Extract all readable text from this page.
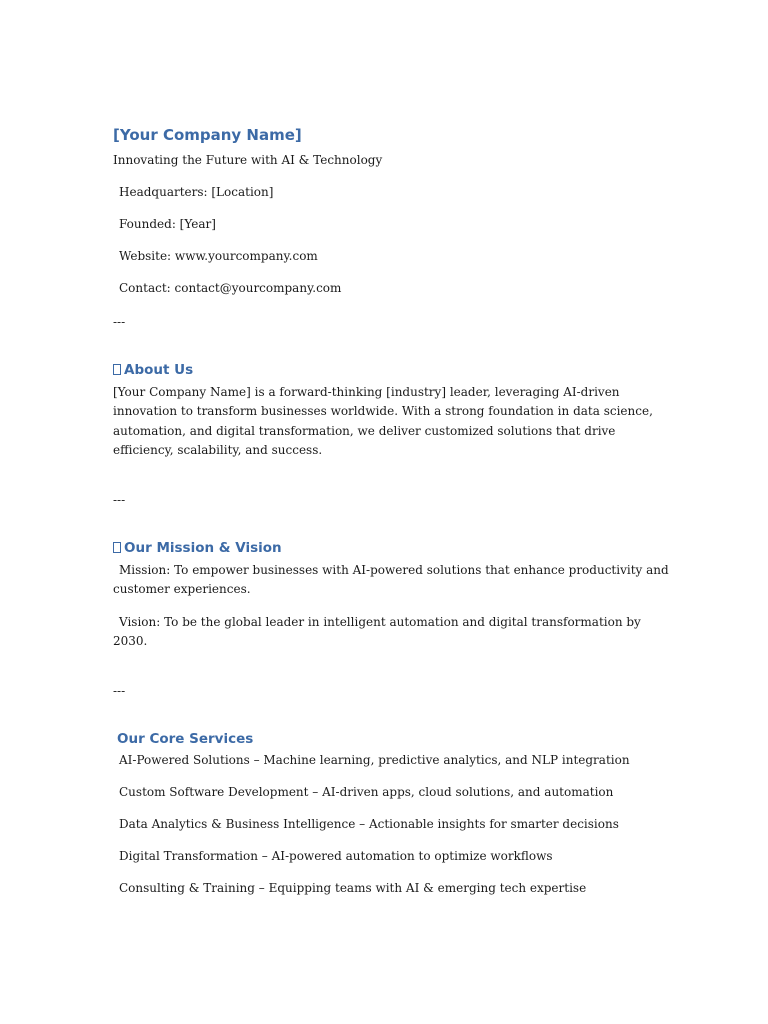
[Your Company Name]

Innovating the Future with AI & Technology

Headquarters: [Location]

Founded: [Year]

Website: www.yourcompany.com

Contact: contact@yourcompany.com

---

About Us

[Your Company Name] is a forward-thinking [industry] leader, leveraging AI-driven innovation to transform businesses worldwide. With a strong foundation in data science, automation, and digital transformation, we deliver customized solutions that drive efficiency, scalability, and success.

---

Our Mission & Vision

Mission: To empower businesses with AI-powered solutions that enhance productivity and customer experiences.

Vision: To be the global leader in intelligent automation and digital transformation by 2030.

---

Our Core Services

AI-Powered Solutions – Machine learning, predictive analytics, and NLP integration

Custom Software Development – AI-driven apps, cloud solutions, and automation

Data Analytics & Business Intelligence – Actionable insights for smarter decisions

Digital Transformation – AI-powered automation to optimize workflows

Consulting & Training – Equipping teams with AI & emerging tech expertise
